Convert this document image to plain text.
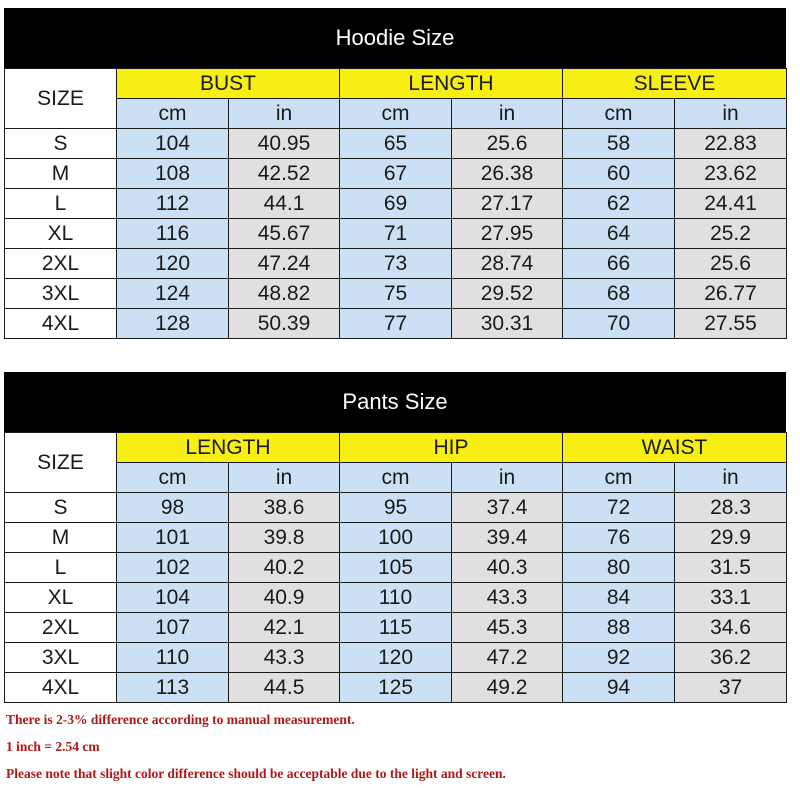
Hoodie Size
SIZE	BUST		LENGTH		SLEEVE	
	cm	in	cm	in	cm	in
S	104	40.95	65	25.6	58	22.83
M	108	42.52	67	26.38	60	23.62
L	112	44.1	69	27.17	62	24.41
XL	116	45.67	71	27.95	64	25.2
2XL	120	47.24	73	28.74	66	25.6
3XL	124	48.82	75	29.52	68	26.77
4XL	128	50.39	77	30.31	70	27.55
Pants Size
SIZE	LENGTH		HIP		WAIST	
	cm	in	cm	in	cm	in
S	98	38.6	95	37.4	72	28.3
M	101	39.8	100	39.4	76	29.9
L	102	40.2	105	40.3	80	31.5
XL	104	40.9	110	43.3	84	33.1
2XL	107	42.1	115	45.3	88	34.6
3XL	110	43.3	120	47.2	92	36.2
4XL	113	44.5	125	49.2	94	37
There is 2-3% difference according to manual measurement.
1 inch = 2.54 cm
Please note that slight color difference should be acceptable due to the light and screen.
